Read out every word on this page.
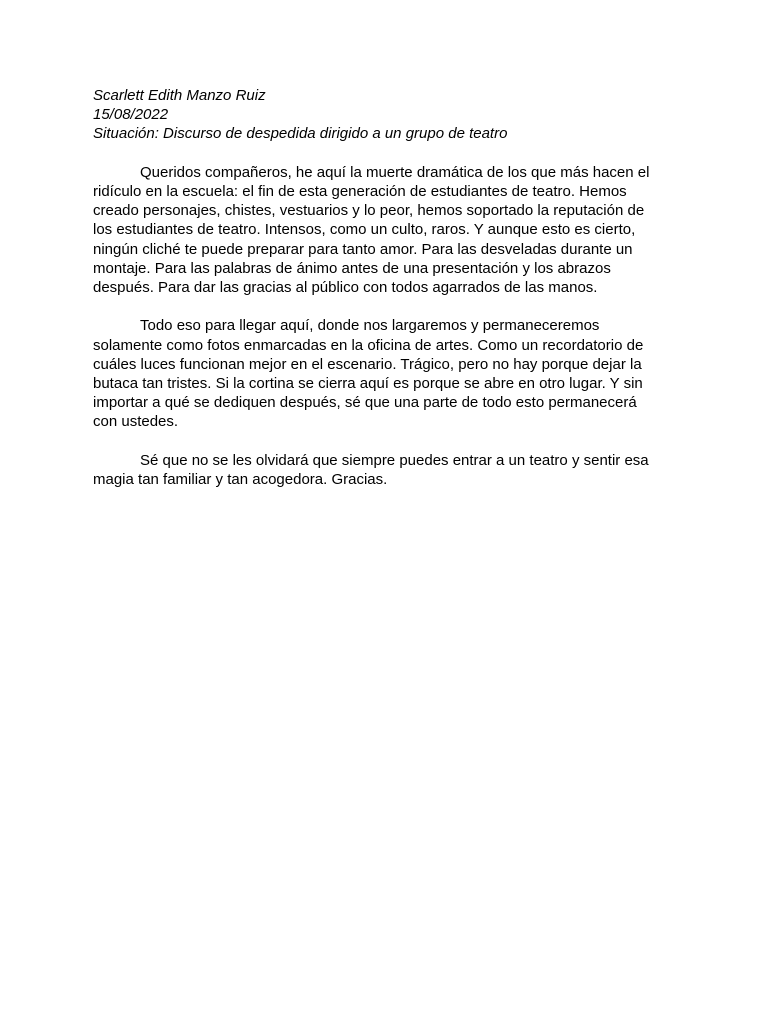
Scarlett Edith Manzo Ruiz
15/08/2022
Situación: Discurso de despedida dirigido a un grupo de teatro
Queridos compañeros, he aquí la muerte dramática de los que más hacen el
ridículo en la escuela: el fin de esta generación de estudiantes de teatro. Hemos
creado personajes, chistes, vestuarios y lo peor, hemos soportado la reputación de
los estudiantes de teatro. Intensos, como un culto, raros. Y aunque esto es cierto,
ningún cliché te puede preparar para tanto amor. Para las desveladas durante un
montaje. Para las palabras de ánimo antes de una presentación y los abrazos
después. Para dar las gracias al público con todos agarrados de las manos.
Todo eso para llegar aquí, donde nos largaremos y permaneceremos
solamente como fotos enmarcadas en la oficina de artes. Como un recordatorio de
cuáles luces funcionan mejor en el escenario. Trágico, pero no hay porque dejar la
butaca tan tristes. Si la cortina se cierra aquí es porque se abre en otro lugar. Y sin
importar a qué se dediquen después, sé que una parte de todo esto permanecerá
con ustedes.
Sé que no se les olvidará que siempre puedes entrar a un teatro y sentir esa
magia tan familiar y tan acogedora. Gracias.
